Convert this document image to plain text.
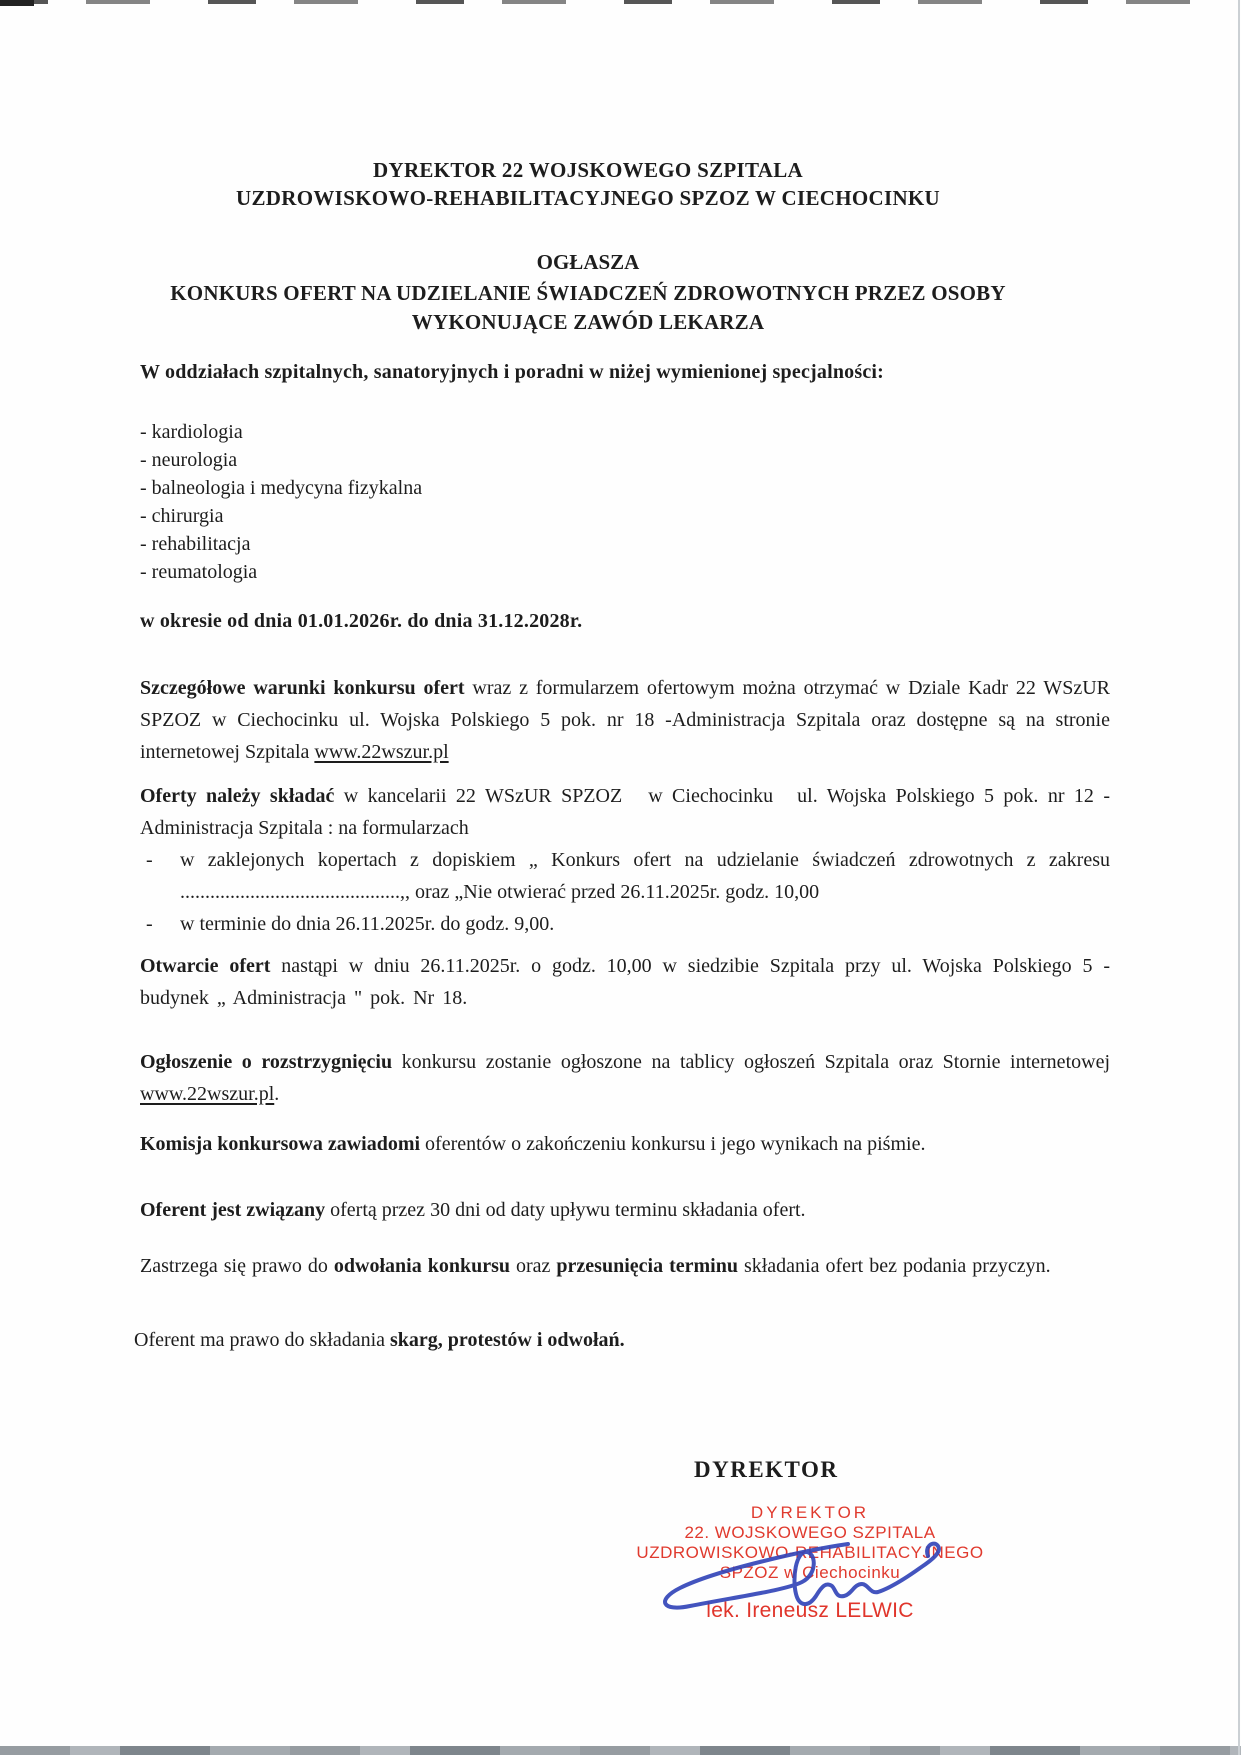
DYREKTOR 22 WOJSKOWEGO SZPITALA
UZDROWISKOWO-REHABILITACYJNEGO SPZOZ W CIECHOCINKU
OGŁASZA
KONKURS OFERT NA UDZIELANIE ŚWIADCZEŃ ZDROWOTNYCH PRZEZ OSOBY
WYKONUJĄCE ZAWÓD LEKARZA
W oddziałach szpitalnych, sanatoryjnych i poradni w niżej wymienionej specjalności:
- kardiologia
- neurologia
- balneologia i medycyna fizykalna
- chirurgia
- rehabilitacja
- reumatologia
w okresie od dnia 01.01.2026r. do dnia 31.12.2028r.
Szczegółowe warunki konkursu ofert wraz z formularzem ofertowym można otrzymać w Dziale Kadr 22 WSzUR SPZOZ w Ciechocinku ul. Wojska Polskiego 5 pok. nr 18 -Administracja Szpitala oraz dostępne są na stronie internetowej Szpitala www.22wszur.pl
Oferty należy składać w kancelarii 22 WSzUR SPZOZ w Ciechocinku ul. Wojska Polskiego 5 pok. nr 12 - Administracja Szpitala : na formularzach
- w zaklejonych kopertach z dopiskiem „ Konkurs ofert na udzielanie świadczeń zdrowotnych z zakresu ............................................,, oraz „Nie otwierać przed 26.11.2025r. godz. 10,00
- w terminie do dnia 26.11.2025r. do godz. 9,00.
Otwarcie ofert nastąpi w dniu 26.11.2025r. o godz. 10,00 w siedzibie Szpitala przy ul. Wojska Polskiego 5 - budynek „ Administracja " pok. Nr 18.
Ogłoszenie o rozstrzygnięciu konkursu zostanie ogłoszone na tablicy ogłoszeń Szpitala oraz Stornie internetowej www.22wszur.pl.
Komisja konkursowa zawiadomi oferentów o zakończeniu konkursu i jego wynikach na piśmie.
Oferent jest związany ofertą przez 30 dni od daty upływu terminu składania ofert.
Zastrzega się prawo do odwołania konkursu oraz przesunięcia terminu składania ofert bez podania przyczyn.
Oferent ma prawo do składania skarg, protestów i odwołań.
DYREKTOR
DYREKTOR
22. WOJSKOWEGO SZPITALA
UZDROWISKOWO-REHABILITACYJNEGO
SPZOZ w Ciechocinku
lek. Ireneusz LELWIC
